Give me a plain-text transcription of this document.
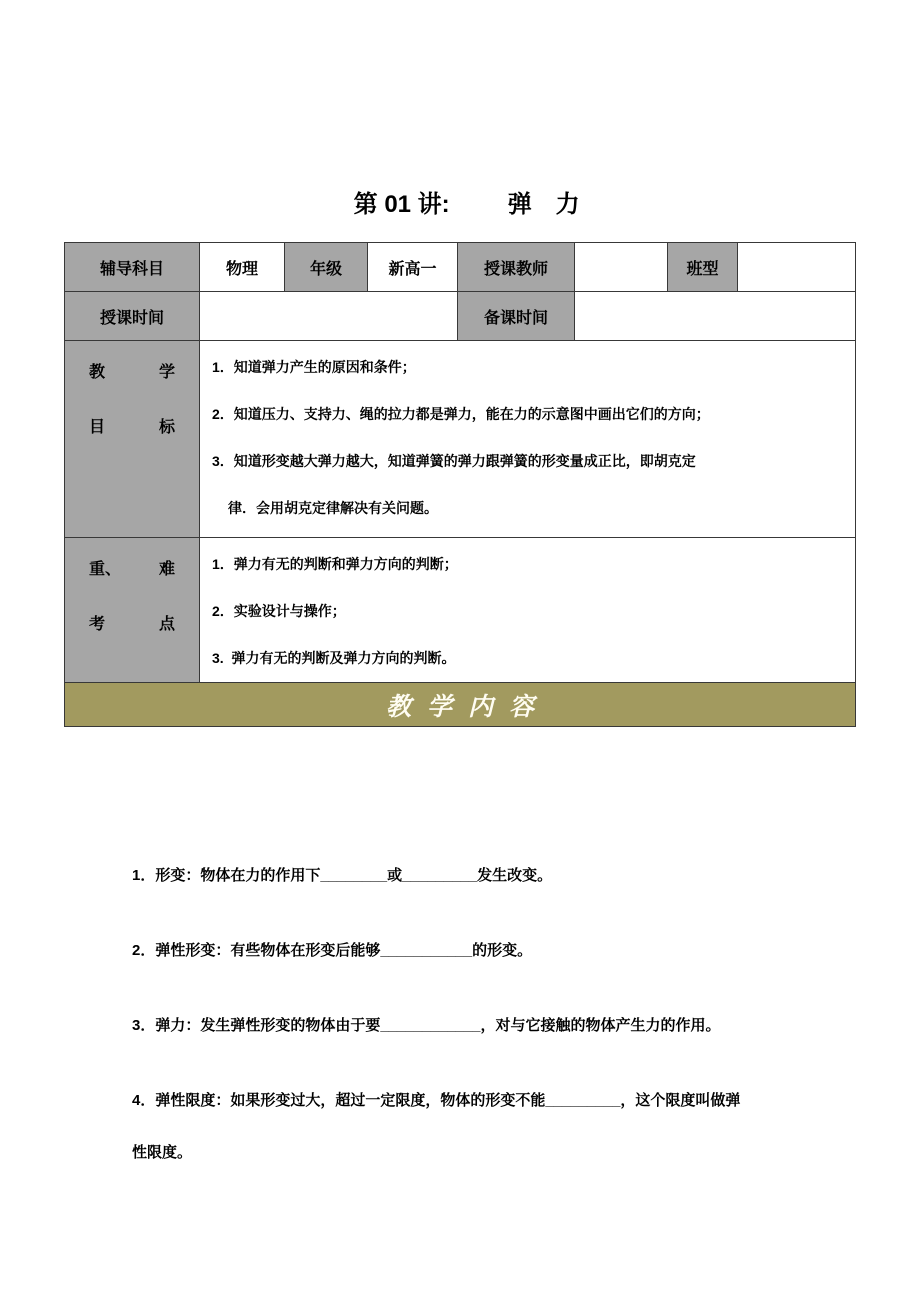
第 01 讲: 弹　力

辅导科目	物理	年级	新高一	授课教师		班型	
授课时间				备课时间			

教	学
目	标

1．知道弹力产生的原因和条件；
2．知道压力、支持力、绳的拉力都是弹力，能在力的示意图中画出它们的方向；
3．知道形变越大弹力越大，知道弹簧的弹力跟弹簧的形变量成正比，即胡克定
律．会用胡克定律解决有关问题。

重、 难
考	点

1．弹力有无的判断和弹力方向的判断；
2．实验设计与操作；
3.  弹力有无的判断及弹力方向的判断。

教学内容							
1．形变：物体在力的作用下________或_________发生改变。
2．弹性形变：有些物体在形变后能够___________的形变。
3．弹力：发生弹性形变的物体由于要____________，对与它接触的物体产生力的作用。
4．弹性限度：如果形变过大，超过一定限度，物体的形变不能_________，这个限度叫做弹
性限度。
